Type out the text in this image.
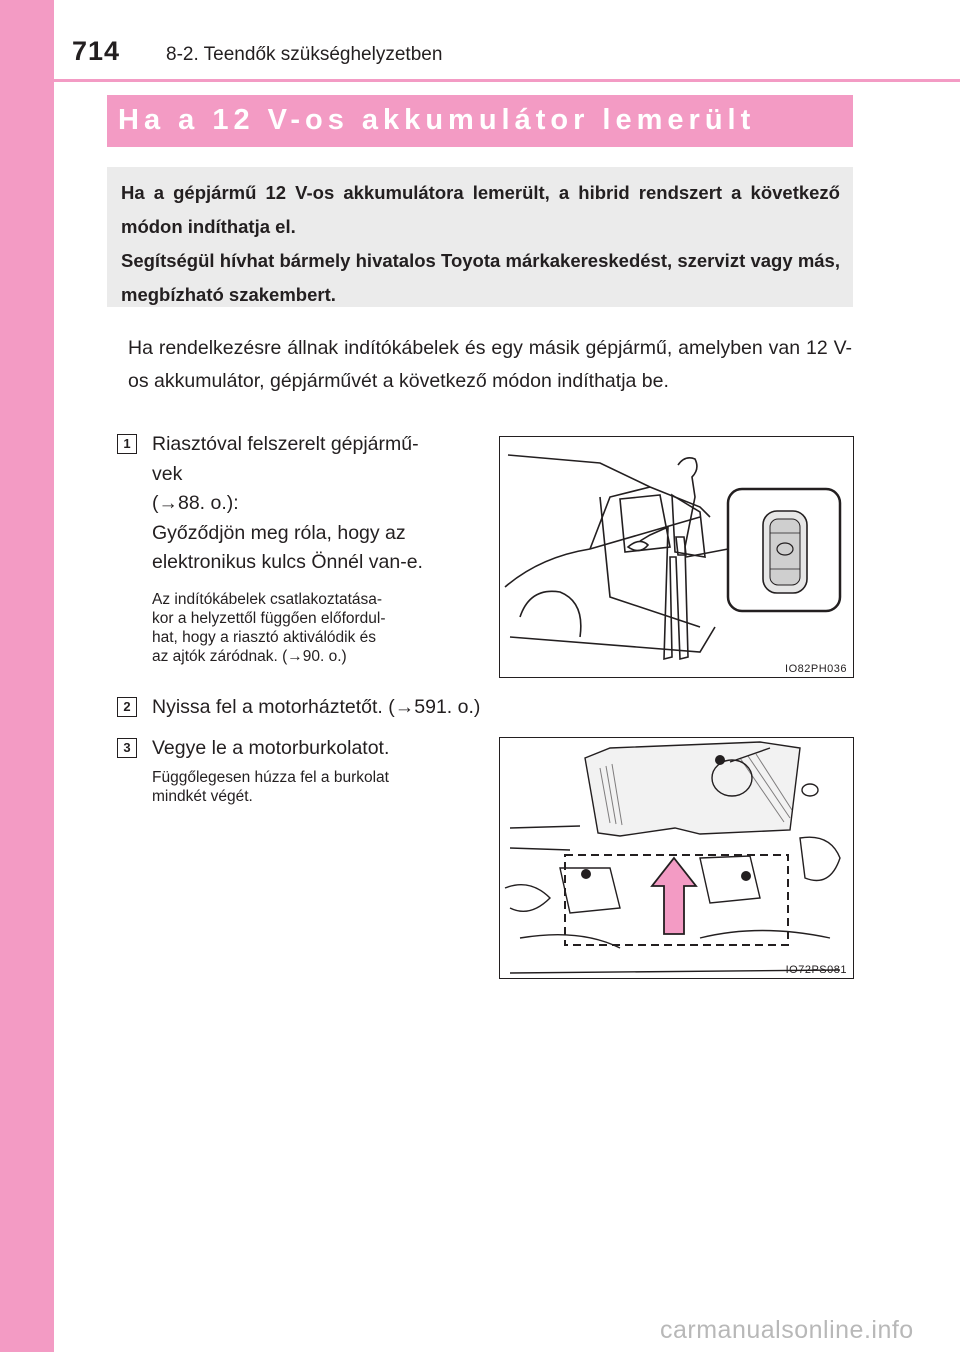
714 8-2. Teendők szükséghelyzetben
Ha a 12 V-os akkumulátor lemerült
Ha a gépjármű 12 V-os akkumulátora lemerült, a hibrid rendszert a következő módon indíthatja el.
Segítségül hívhat bármely hivatalos Toyota márkakereskedést, szervizt vagy más, megbízható szakembert.
Ha rendelkezésre állnak indítókábelek és egy másik gépjármű, amelyben van 12 V-os akkumulátor, gépjárművét a következő módon indíthatja be.
1	Riasztóval felszerelt gépjármű-
vek
(→88. o.):
Győződjön meg róla, hogy az
elektronikus kulcs Önnél van-e.
Az indítókábelek csatlakoztatása-
kor a helyzettől függően előfordul-
hat, hogy a riasztó aktiválódik és
az ajtók záródnak. (→90. o.)
IO82PH036
2	Nyissa fel a motorháztetőt. (→591. o.)
3	Vegye le a motorburkolatot.
Függőlegesen húzza fel a burkolat
mindkét végét.
IO72PS081
carmanualsonline.info
